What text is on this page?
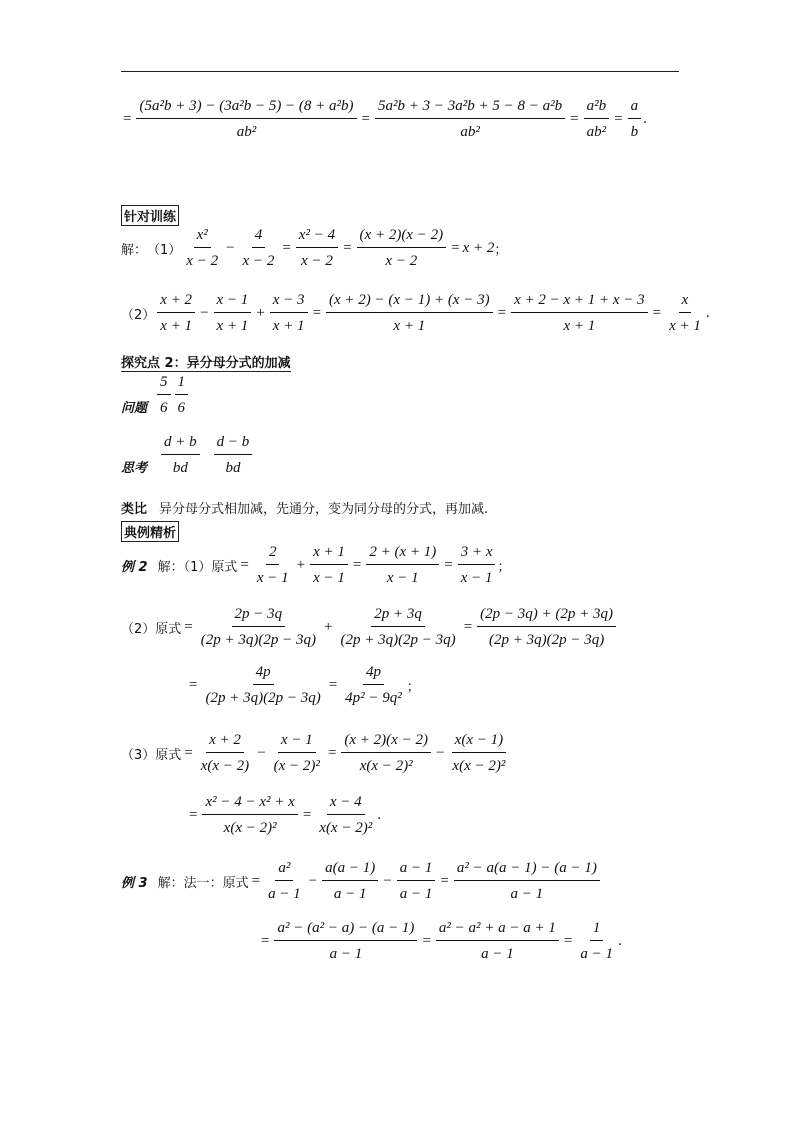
= $\frac{\text{(5a²b + 3) − (3a²b − 5) − (8 + a²b)}}{\text{ab²}} = \frac{\text{5a²b + 3 − 3a²b + 5 − 8 − a²b}}{\text{ab²}} = \frac{\text{a²b}}{\text{ab²}} = \frac{a}{b}$ .
针对训练
解： $(1) \frac{\text{x²}}{x - 2} - \frac{4}{x - 2} = \frac{\text{x² − 4}}{x - 2} = \frac{(x + 2)(x - 2)}{x - 2} = x + 2$ ；
$(2) \frac{x + 2}{x + 1} - \frac{x - 1}{x + 1} + \frac{x - 3}{x + 1} = \frac{(x + 2) - (x - 1) + (x - 3)}{x + 1} = \frac{x + 2 - x + 1 + x - 3}{x + 1} = \frac{x}{x + 1}$ .
探究点 2：异分母分式的加减
问题 $\frac{5}{6} \frac{1}{6}$
思考 $\frac{d + b}{bd} \frac{d - b}{bd}$
类比 异分母分式相加减，先通分，变为同分母的分式，再加减.
典例精析
例 2 解：（1）原式 = $\frac{2}{x - 1} + \frac{x + 1}{x - 1} = \frac{2 + (x + 1)}{x - 1} = \frac{3 + x}{x - 1}$ ；
（2）原式 = $\frac{2p - 3q}{(2p + 3q)(2p - 3q)} + \frac{2p + 3q}{(2p + 3q)(2p - 3q)} = \frac{(2p - 3q) + (2p + 3q)}{(2p + 3q)(2p - 3q)}$
= $\frac{4p}{(2p + 3q)(2p - 3q)} = \frac{4p}{\text{4p² − 9q²}}$ ；
（3）原式 = $\frac{x + 2}{x(x - 2)} - \frac{x - 1}{\text{(x − 2)²}} = \frac{(x + 2)(x - 2)}{\text{x(x − 2)²}} - \frac{x(x - 1)}{\text{x(x − 2)²}}$
= $\frac{\text{x² − 4 − x² + x}}{\text{x(x − 2)²}} = \frac{x - 4}{\text{x(x − 2)²}}$ .
例 3 解：法一：原式 = $\frac{\text{a²}}{a - 1} - \frac{a(a - 1)}{a - 1} - \frac{a - 1}{a - 1} = \frac{\text{a² − a(a − 1) − (a − 1)}}{a - 1}$
= $\frac{\text{a² − (a² − a) − (a − 1)}}{a - 1} = \frac{\text{a² − a² + a − a + 1}}{a - 1} = \frac{1}{a - 1}$ .
